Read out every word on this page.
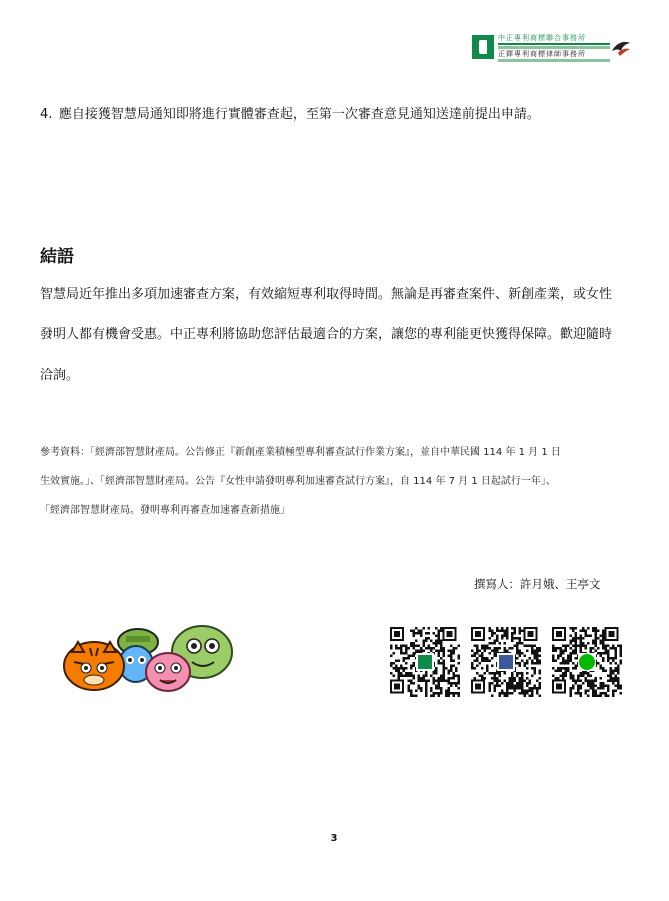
中正專利商標聯合事務所
正鐸專利商標律師事務所
4. 應自接獲智慧局通知即將進行實體審查起，至第一次審查意見通知送達前提出申請。
結語
智慧局近年推出多項加速審查方案，有效縮短專利取得時間。無論是再審查案件、新創產業，或女性
發明人都有機會受惠。中正專利將協助您評估最適合的方案，讓您的專利能更快獲得保障。歡迎隨時
洽詢。
參考資料：「經濟部智慧財產局。公告修正『新創產業積極型專利審查試行作業方案』，並自中華民國 114 年 1 月 1 日
生效實施。」、「經濟部智慧財產局。公告『女性申請發明專利加速審查試行方案』，自 114 年 7 月 1 日起試行一年」、
「經濟部智慧財產局。發明專利再審查加速審查新措施」
撰寫人：許月娥、王亭文
3
